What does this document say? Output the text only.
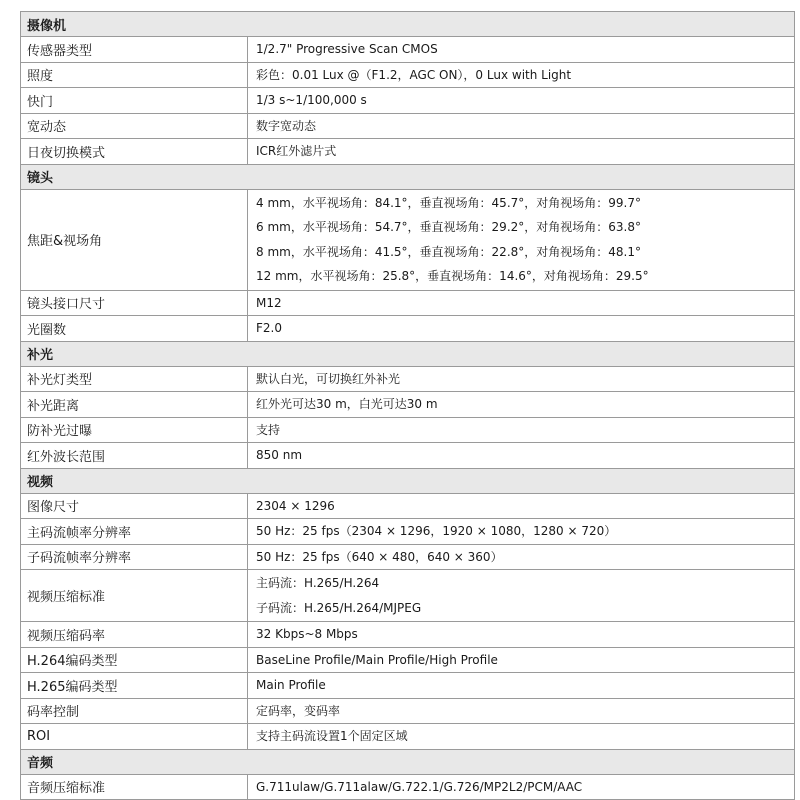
摄像机	
传感器类型	1/2.7" Progressive Scan CMOS

照度	彩色：0.01 Lux @（F1.2，AGC ON），0 Lux with Light

快门	1/3 s~1/100,000 s

宽动态	数字宽动态

日夜切换模式	ICR红外滤片式

镜头	
焦距&视场角	4 mm，水平视场角：84.1°，垂直视场角：45.7°，对角视场角：99.7°
6 mm，水平视场角：54.7°，垂直视场角：29.2°，对角视场角：63.8°
8 mm，水平视场角：41.5°，垂直视场角：22.8°，对角视场角：48.1°
12 mm，水平视场角：25.8°，垂直视场角：14.6°，对角视场角：29.5°

镜头接口尺寸	M12

光圈数	F2.0

补光	
补光灯类型	默认白光，可切换红外补光

补光距离	红外光可达30 m，白光可达30 m

防补光过曝	支持

红外波长范围	850 nm

视频	
图像尺寸	2304 × 1296

主码流帧率分辨率	50 Hz：25 fps（2304 × 1296，1920 × 1080，1280 × 720）

子码流帧率分辨率	50 Hz：25 fps（640 × 480，640 × 360）

视频压缩标准	主码流：H.265/H.264
子码流：H.265/H.264/MJPEG

视频压缩码率	32 Kbps~8 Mbps

H.264编码类型	BaseLine Profile/Main Profile/High Profile

H.265编码类型	Main Profile

码率控制	定码率，变码率

ROI	支持主码流设置1个固定区域

音频	
音频压缩标准	G.711ulaw/G.711alaw/G.722.1/G.726/MP2L2/PCM/AAC
